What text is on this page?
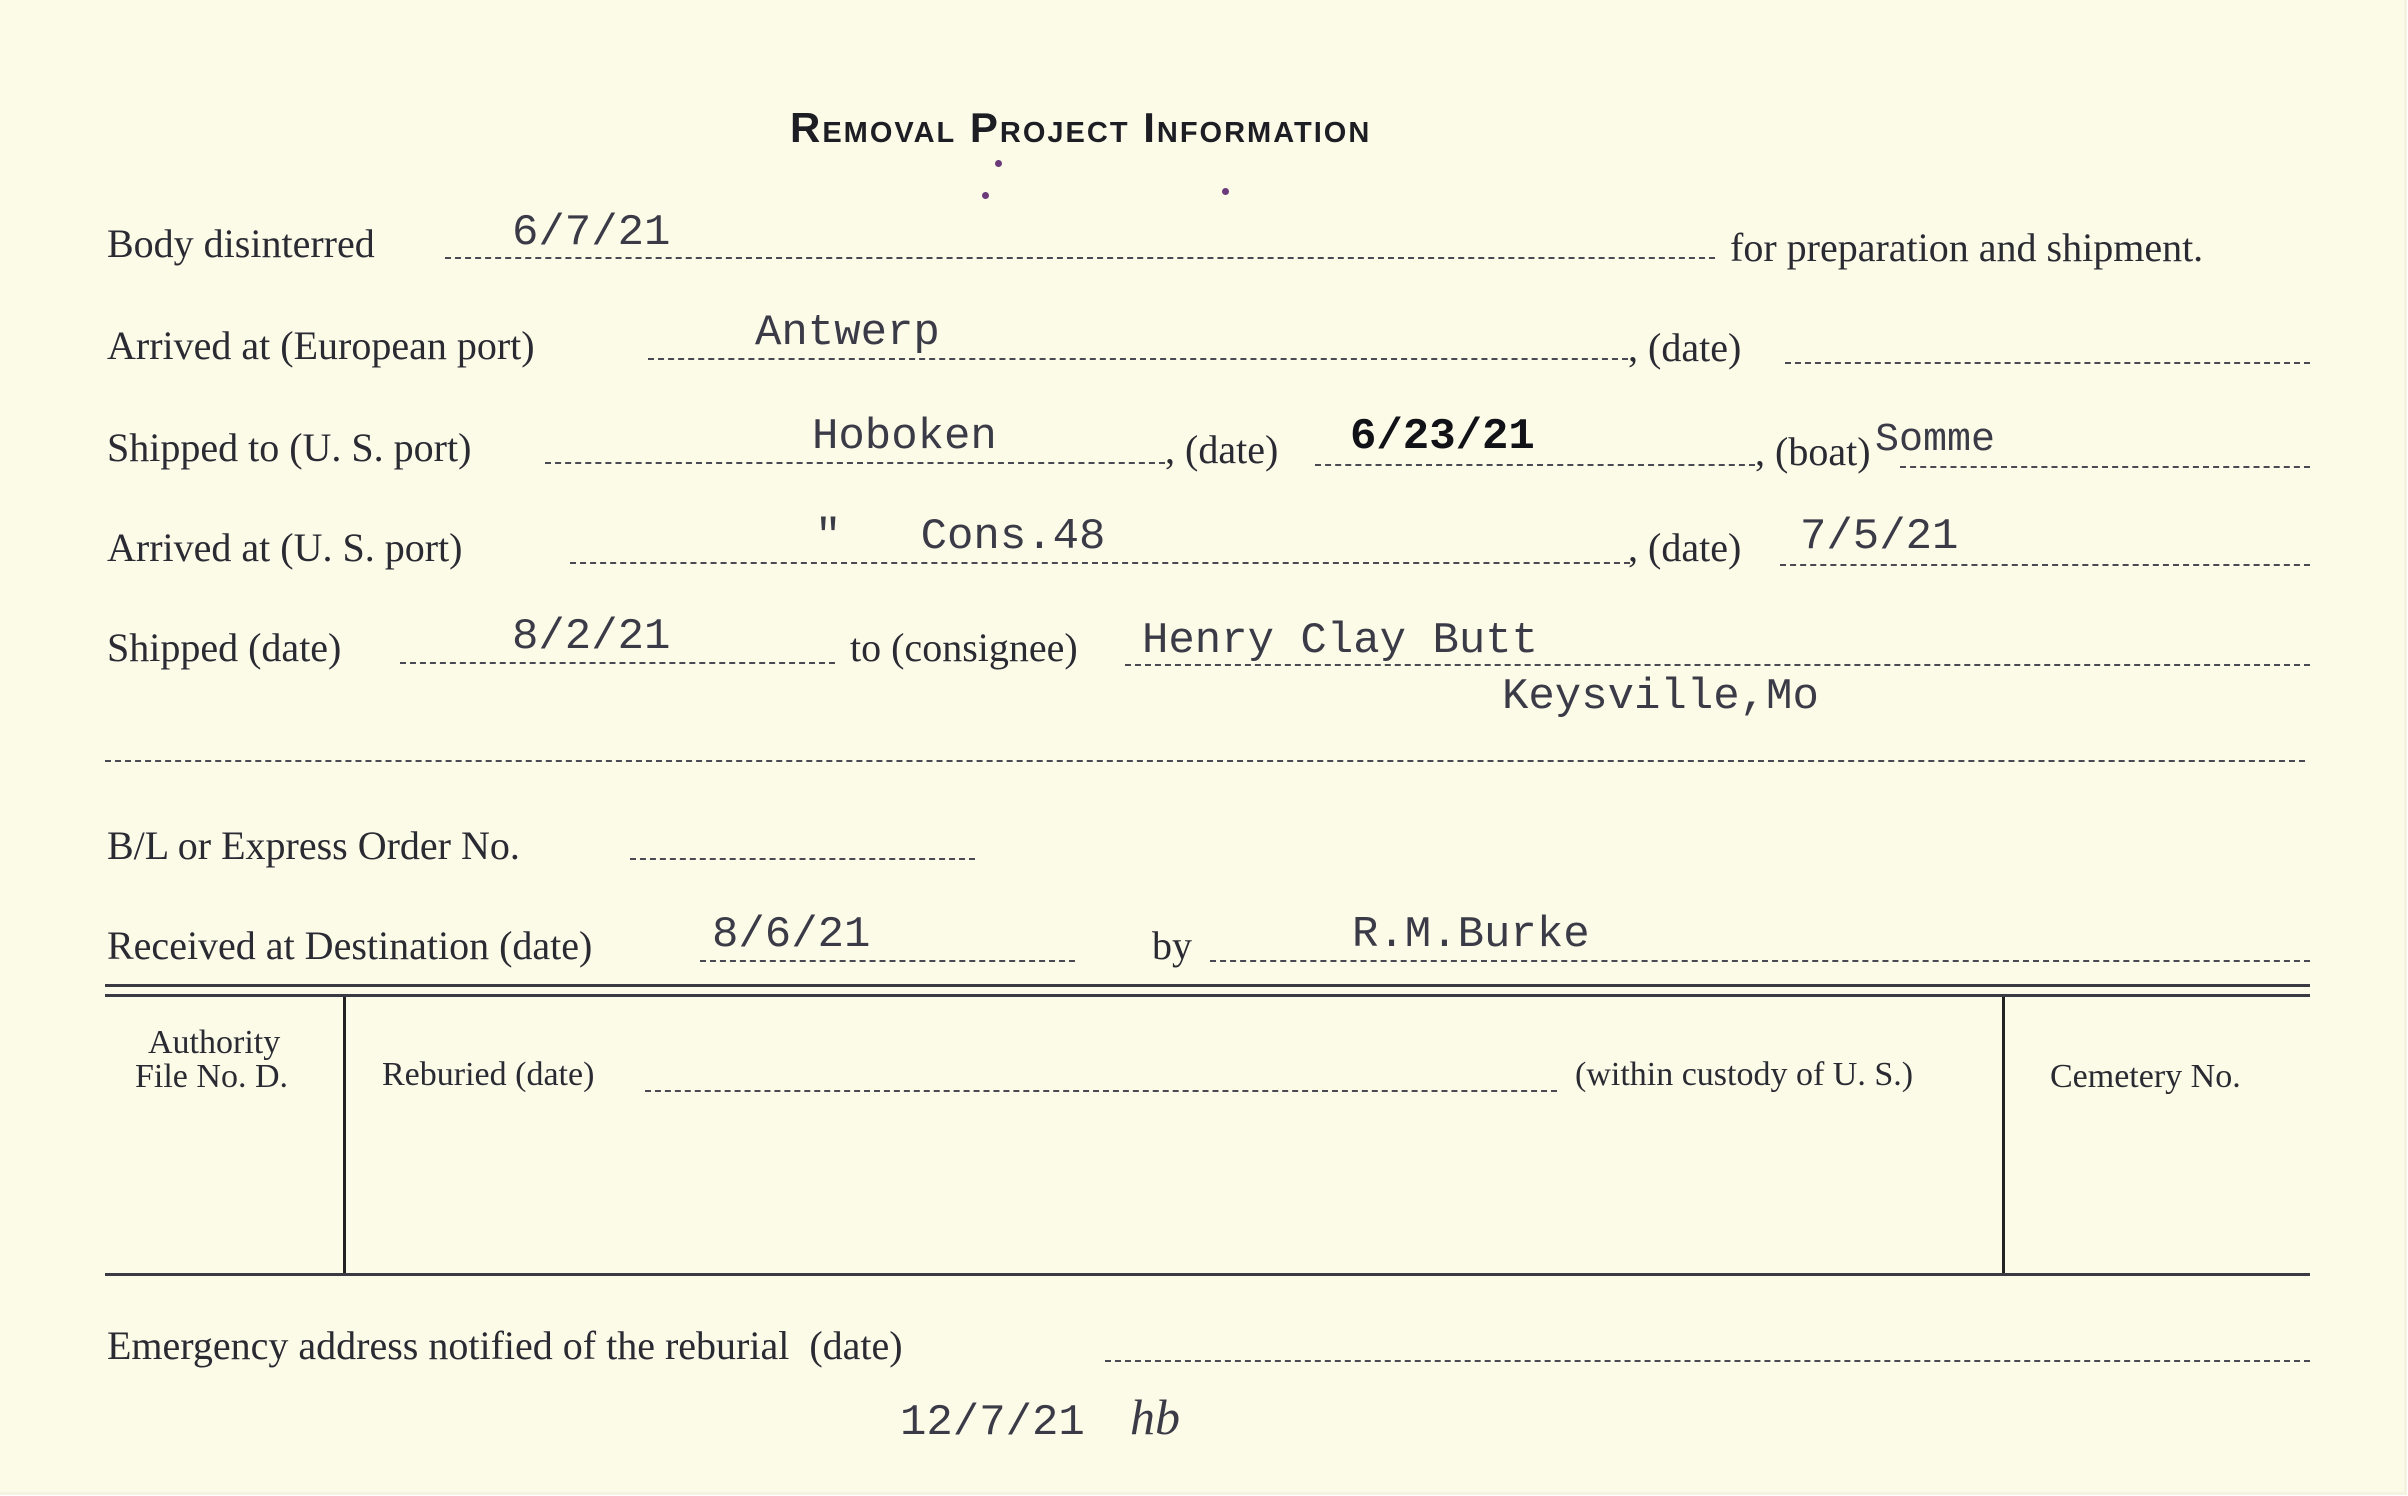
Removal Project Information
Body disinterred	6/7/21	for preparation and shipment.
Arrived at (European port)	Antwerp	, (date)
Shipped to (U. S. port)	Hoboken	, (date) 6/23/21	, (boat) Somme
Arrived at (U. S. port)	"   Cons.48	, (date) 7/5/21
Shipped (date)	8/2/21	to (consignee) Henry Clay Butt
Keysville,Mo
B/L or Express Order No.
Received at Destination (date)	8/6/21	by	R.M.Burke
Authority
File No. D.	Reburied (date)	(within custody of U. S.)	Cemetery No.
Emergency address notified of the reburial  (date)
12/7/21 hb
